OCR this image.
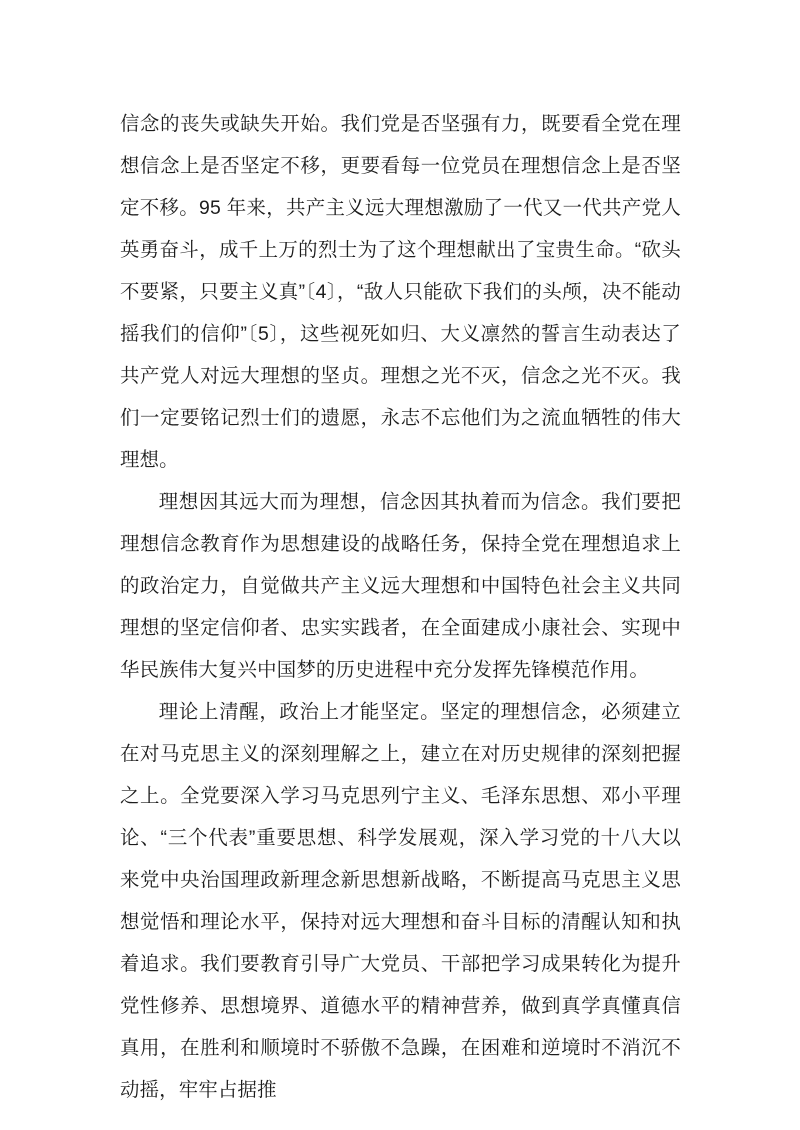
信念的丧失或缺失开始。我们党是否坚强有力，既要看全党在理想信念上是否坚定不移，更要看每一位党员在理想信念上是否坚定不移。95 年来，共产主义远大理想激励了一代又一代共产党人英勇奋斗，成千上万的烈士为了这个理想献出了宝贵生命。“砍头不要紧，只要主义真”〔4〕，“敌人只能砍下我们的头颅，决不能动摇我们的信仰”〔5〕，这些视死如归、大义凛然的誓言生动表达了共产党人对远大理想的坚贞。理想之光不灭，信念之光不灭。我们一定要铭记烈士们的遗愿，永志不忘他们为之流血牺牲的伟大理想。

理想因其远大而为理想，信念因其执着而为信念。我们要把理想信念教育作为思想建设的战略任务，保持全党在理想追求上的政治定力，自觉做共产主义远大理想和中国特色社会主义共同理想的坚定信仰者、忠实实践者，在全面建成小康社会、实现中华民族伟大复兴中国梦的历史进程中充分发挥先锋模范作用。

理论上清醒，政治上才能坚定。坚定的理想信念，必须建立在对马克思主义的深刻理解之上，建立在对历史规律的深刻把握之上。全党要深入学习马克思列宁主义、毛泽东思想、邓小平理论、“三个代表”重要思想、科学发展观，深入学习党的十八大以来党中央治国理政新理念新思想新战略，不断提高马克思主义思想觉悟和理论水平，保持对远大理想和奋斗目标的清醒认知和执着追求。我们要教育引导广大党员、干部把学习成果转化为提升党性修养、思想境界、道德水平的精神营养，做到真学真懂真信真用，在胜利和顺境时不骄傲不急躁，在困难和逆境时不消沉不动摇，牢牢占据推
